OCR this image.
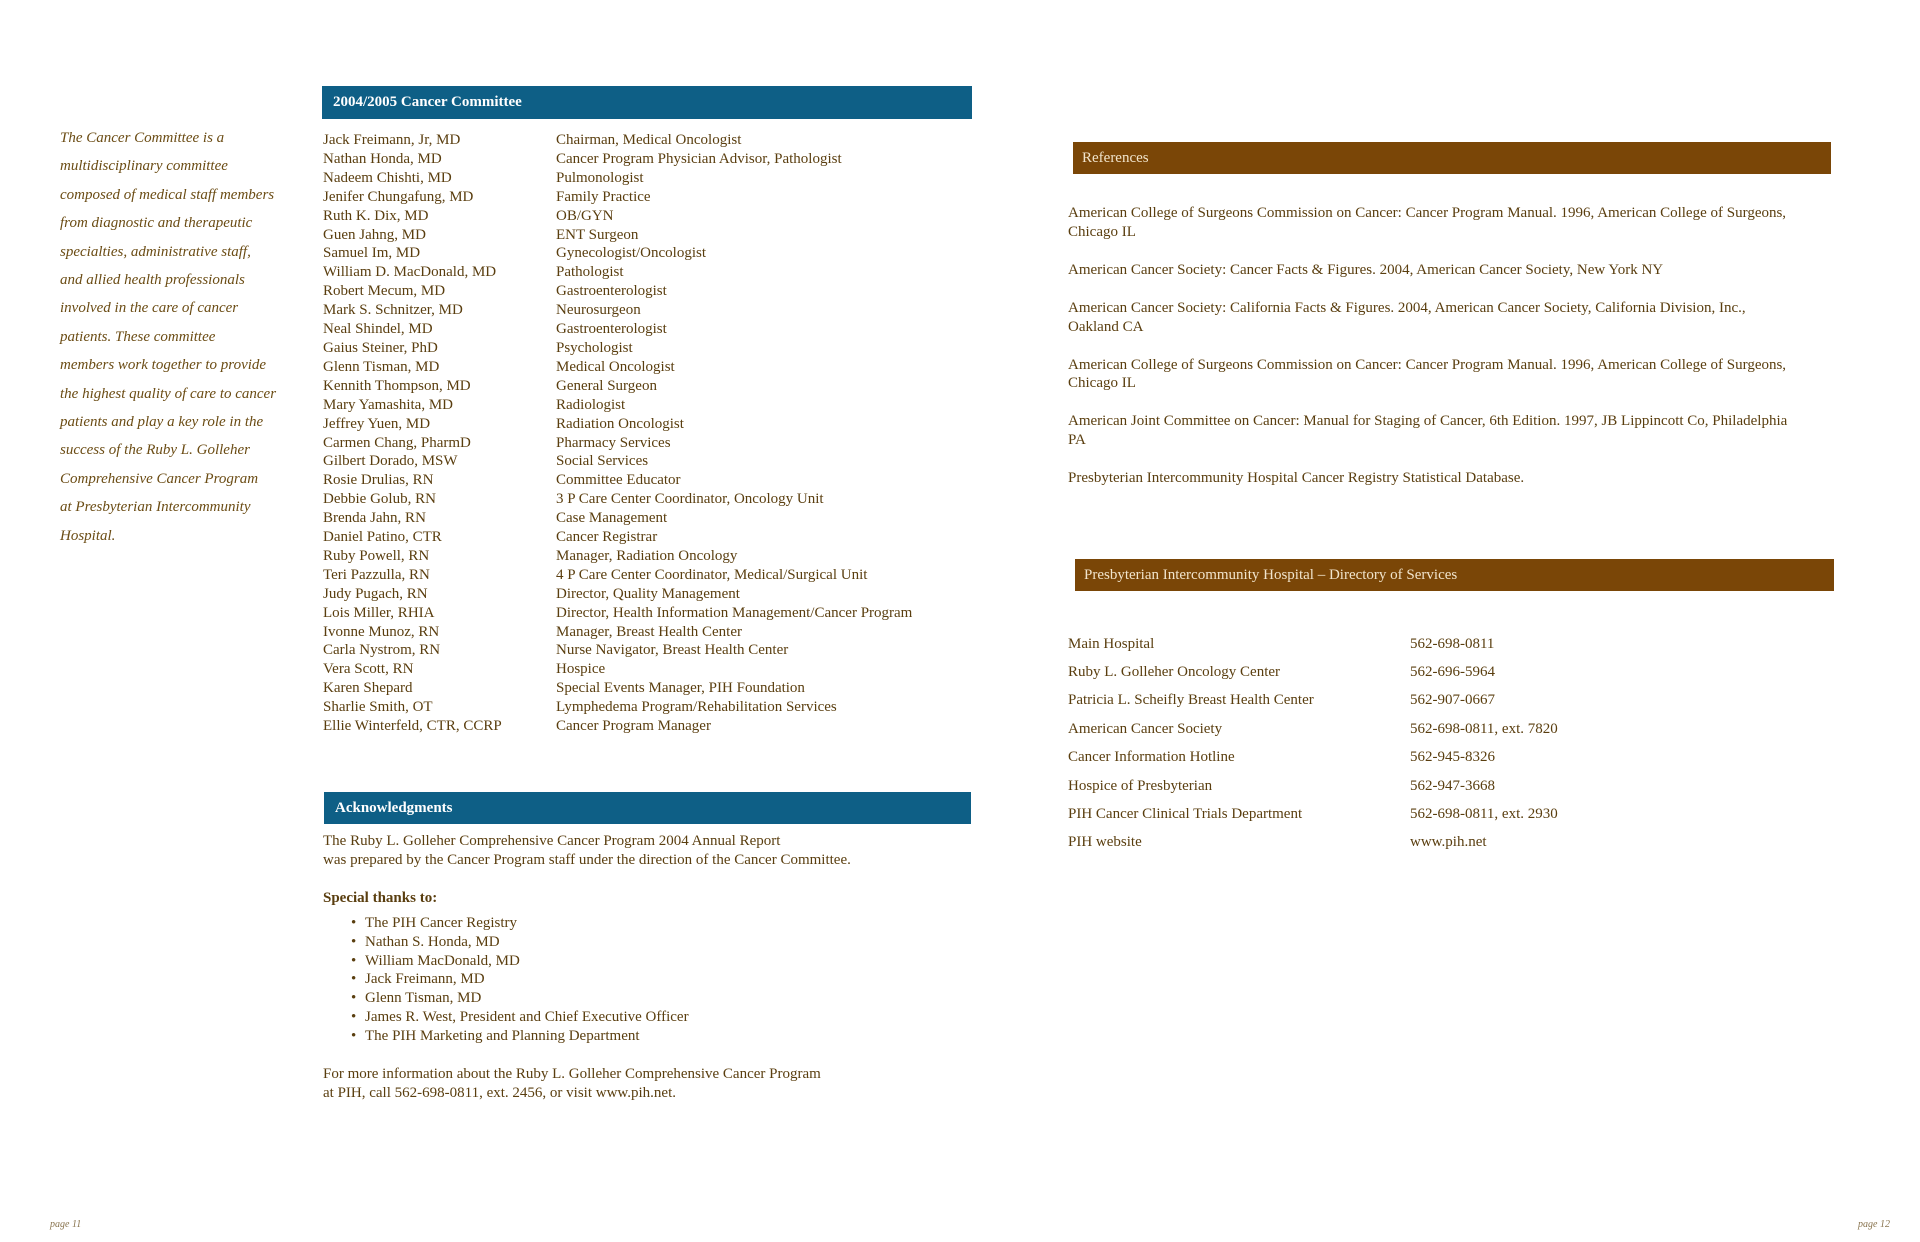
The Cancer Committee is a
multidisciplinary committee
composed of medical staff members
from diagnostic and therapeutic
specialties, administrative staff,
and allied health professionals
involved in the care of cancer
patients. These committee
members work together to provide
the highest quality of care to cancer
patients and play a key role in the
success of the Ruby L. Golleher
Comprehensive Cancer Program
at Presbyterian Intercommunity
Hospital.
2004/2005 Cancer Committee
Jack Freimann, Jr, MD	Chairman, Medical Oncologist
Nathan Honda, MD	Cancer Program Physician Advisor, Pathologist
Nadeem Chishti, MD	Pulmonologist
Jenifer Chungafung, MD	Family Practice
Ruth K. Dix, MD	OB/GYN
Guen Jahng, MD	ENT Surgeon
Samuel Im, MD	Gynecologist/Oncologist
William D. MacDonald, MD	Pathologist
Robert Mecum, MD	Gastroenterologist
Mark S. Schnitzer, MD	Neurosurgeon
Neal Shindel, MD	Gastroenterologist
Gaius Steiner, PhD	Psychologist
Glenn Tisman, MD	Medical Oncologist
Kennith Thompson, MD	General Surgeon
Mary Yamashita, MD	Radiologist
Jeffrey Yuen, MD	Radiation Oncologist
Carmen Chang, PharmD	Pharmacy Services
Gilbert Dorado, MSW	Social Services
Rosie Drulias, RN	Committee Educator
Debbie Golub, RN	3 P Care Center Coordinator, Oncology Unit
Brenda Jahn, RN	Case Management
Daniel Patino, CTR	Cancer Registrar
Ruby Powell, RN	Manager, Radiation Oncology
Teri Pazzulla, RN	4 P Care Center Coordinator, Medical/Surgical Unit
Judy Pugach, RN	Director, Quality Management
Lois Miller, RHIA	Director, Health Information Management/Cancer Program
Ivonne Munoz, RN	Manager, Breast Health Center
Carla Nystrom, RN	Nurse Navigator, Breast Health Center
Vera Scott, RN	Hospice
Karen Shepard	Special Events Manager, PIH Foundation
Sharlie Smith, OT	Lymphedema Program/Rehabilitation Services
Ellie Winterfeld, CTR, CCRP	Cancer Program Manager
Acknowledgments

The Ruby L. Golleher Comprehensive Cancer Program 2004 Annual Report

was prepared by the Cancer Program staff under the direction of the Cancer Committee.

Special thanks to:

• The PIH Cancer Registry
• Nathan S. Honda, MD
• William MacDonald, MD
• Jack Freimann, MD
• Glenn Tisman, MD
• James R. West, President and Chief Executive Officer
• The PIH Marketing and Planning Department

For more information about the Ruby L. Golleher Comprehensive Cancer Program

at PIH, call 562-698-0811, ext. 2456, or visit www.pih.net.

References

American College of Surgeons Commission on Cancer: Cancer Program Manual. 1996, American College of Surgeons, Chicago IL

American Cancer Society: Cancer Facts & Figures. 2004, American Cancer Society, New York NY

American Cancer Society: California Facts & Figures. 2004, American Cancer Society, California Division, Inc., Oakland CA

American College of Surgeons Commission on Cancer: Cancer Program Manual. 1996, American College of Surgeons, Chicago IL

American Joint Committee on Cancer: Manual for Staging of Cancer, 6th Edition. 1997, JB Lippincott Co, Philadelphia PA

Presbyterian Intercommunity Hospital Cancer Registry Statistical Database.

Presbyterian Intercommunity Hospital – Directory of Services
Main Hospital	562-698-0811
Ruby L. Golleher Oncology Center	562-696-5964
Patricia L. Scheifly Breast Health Center	562-907-0667
American Cancer Society	562-698-0811, ext. 7820
Cancer Information Hotline	562-945-8326
Hospice of Presbyterian	562-947-3668
PIH Cancer Clinical Trials Department	562-698-0811, ext. 2930
PIH website	www.pih.net
page 11	page 12
